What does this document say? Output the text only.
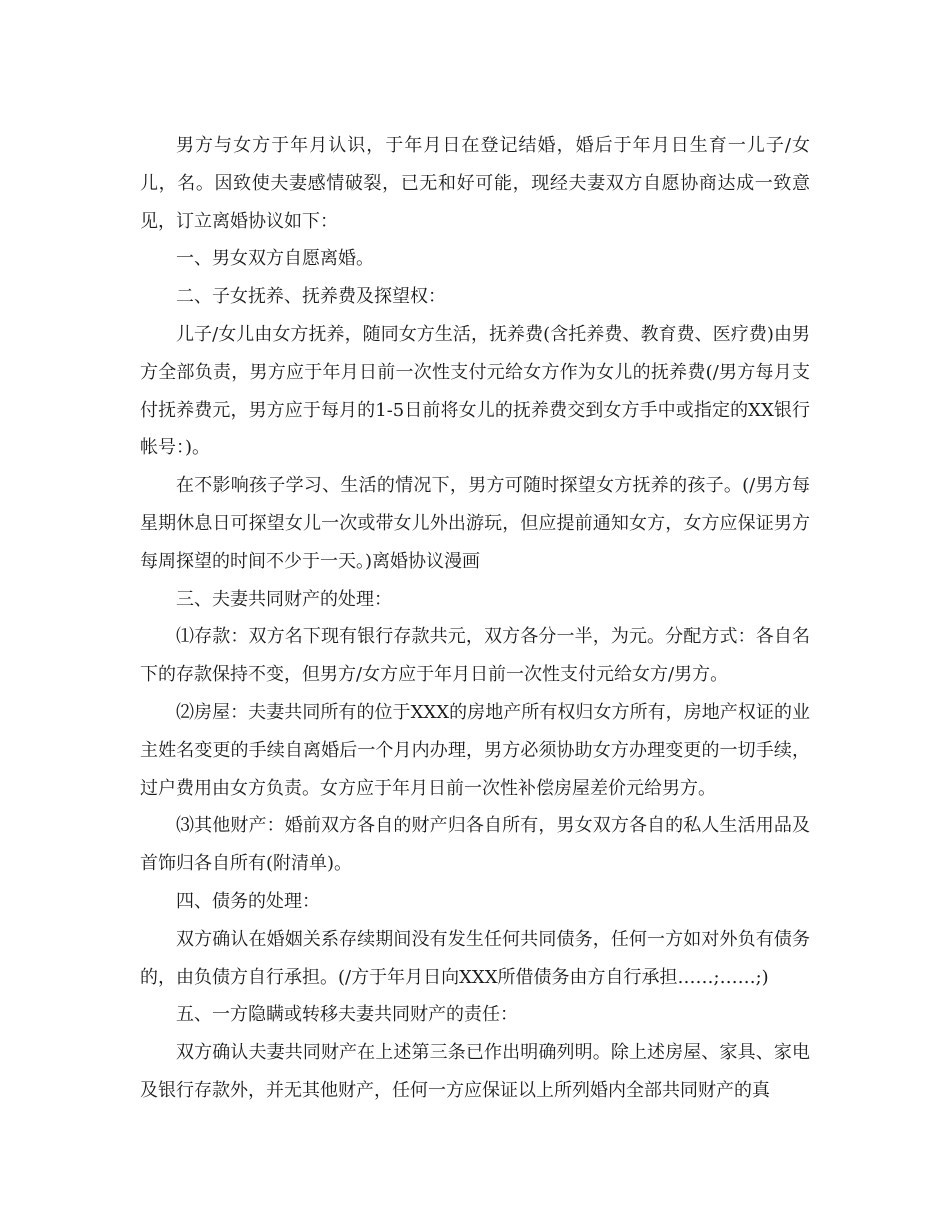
男方与女方于年月认识，于年月日在登记结婚，婚后于年月日生育一儿子/女儿，名。因致使夫妻感情破裂，已无和好可能，现经夫妻双方自愿协商达成一致意见，订立离婚协议如下：

一、男女双方自愿离婚。

二、子女抚养、抚养费及探望权：

儿子/女儿由女方抚养，随同女方生活，抚养费(含托养费、教育费、医疗费)由男方全部负责，男方应于年月日前一次性支付元给女方作为女儿的抚养费(/男方每月支付抚养费元，男方应于每月的1-5日前将女儿的抚养费交到女方手中或指定的XX银行帐号：)。

在不影响孩子学习、生活的情况下，男方可随时探望女方抚养的孩子。(/男方每星期休息日可探望女儿一次或带女儿外出游玩，但应提前通知女方，女方应保证男方每周探望的时间不少于一天。)离婚协议漫画

三、夫妻共同财产的处理：

⑴存款：双方名下现有银行存款共元，双方各分一半，为元。分配方式：各自名下的存款保持不变，但男方/女方应于年月日前一次性支付元给女方/男方。

⑵房屋：夫妻共同所有的位于XXX的房地产所有权归女方所有，房地产权证的业主姓名变更的手续自离婚后一个月内办理，男方必须协助女方办理变更的一切手续，过户费用由女方负责。女方应于年月日前一次性补偿房屋差价元给男方。

⑶其他财产：婚前双方各自的财产归各自所有，男女双方各自的私人生活用品及首饰归各自所有(附清单)。

四、债务的处理：

双方确认在婚姻关系存续期间没有发生任何共同债务，任何一方如对外负有债务的，由负债方自行承担。(/方于年月日向XXX所借债务由方自行承担……;……;)

五、一方隐瞒或转移夫妻共同财产的责任：

双方确认夫妻共同财产在上述第三条已作出明确列明。除上述房屋、家具、家电及银行存款外，并无其他财产，任何一方应保证以上所列婚内全部共同财产的真
